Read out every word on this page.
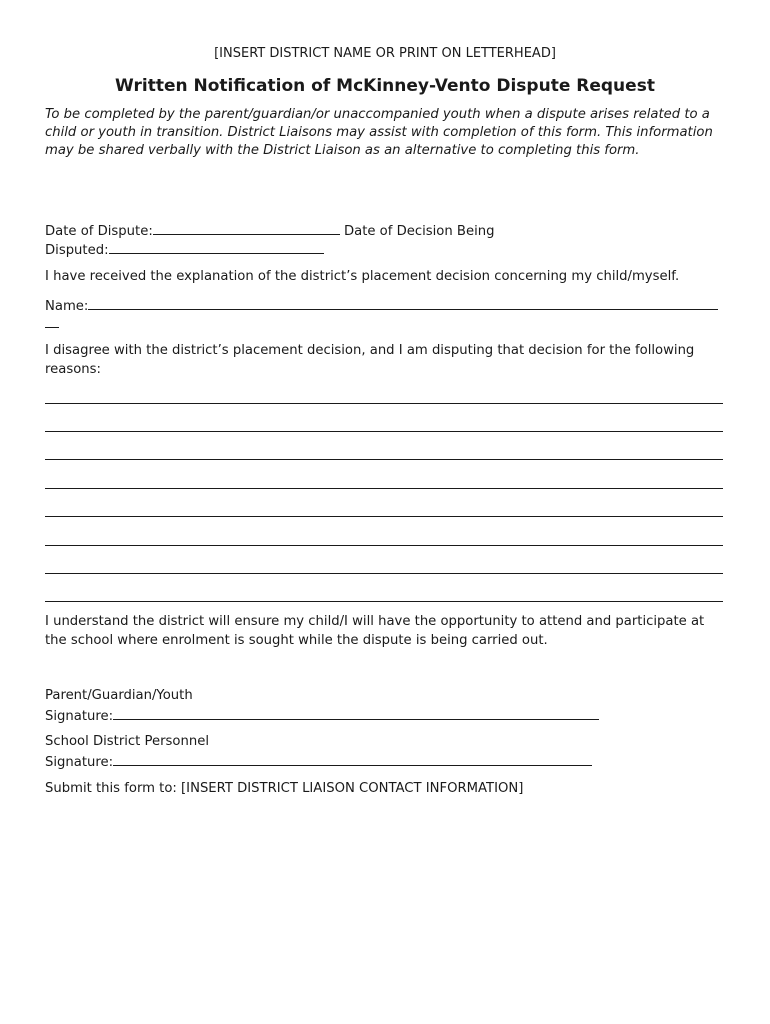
[INSERT DISTRICT NAME OR PRINT ON LETTERHEAD]
Written Notification of McKinney-Vento Dispute Request
To be completed by the parent/guardian/or unaccompanied youth when a dispute arises related to a child or youth in transition. District Liaisons may assist with completion of this form. This information may be shared verbally with the District Liaison as an alternative to completing this form.
Date of Dispute:	Date of Decision Being
Disputed:
I have received the explanation of the district’s placement decision concerning my child/myself.
Name:
I disagree with the district’s placement decision, and I am disputing that decision for the following reasons:
I understand the district will ensure my child/I will have the opportunity to attend and participate at the school where enrolment is sought while the dispute is being carried out.
Parent/Guardian/Youth
Signature:
School District Personnel
Signature:
Submit this form to: [INSERT DISTRICT LIAISON CONTACT INFORMATION]
